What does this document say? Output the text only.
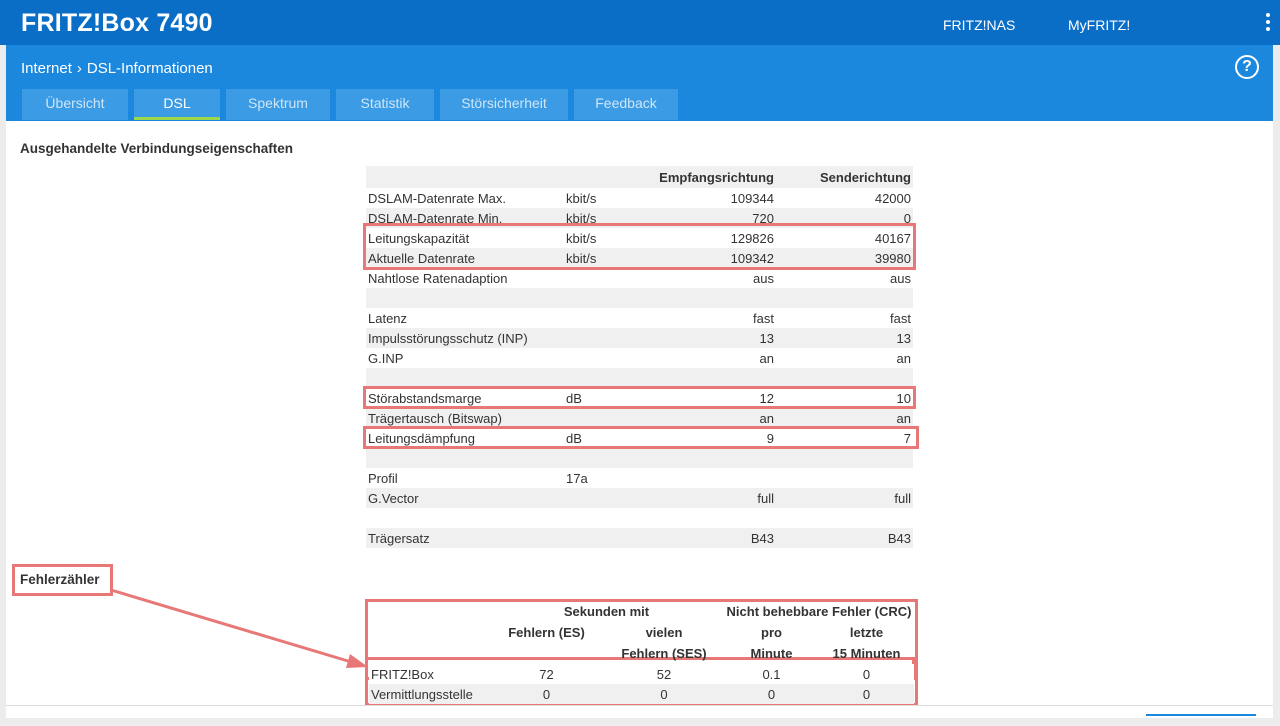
FRITZ!Box 7490	FRITZ!NAS	MyFRITZ!
Internet › DSL-Informationen	?
Übersicht	DSL	Spektrum	Statistik	Störsicherheit	Feedback
Ausgehandelte Verbindungseigenschaften
		Empfangsrichtung	Senderichtung
DSLAM-Datenrate Max.	kbit/s	109344	42000
DSLAM-Datenrate Min.	kbit/s	720	0
Leitungskapazität	kbit/s	129826	40167
Aktuelle Datenrate	kbit/s	109342	39980
Nahtlose Ratenadaption		aus	aus

Latenz		fast	fast
Impulsstörungsschutz (INP)		13	13
G.INP		an	an

Störabstandsmarge	dB	12	10
Trägertausch (Bitswap)		an	an
Leitungsdämpfung	dB	9	7

Profil	17a		
G.Vector		full	full

Trägersatz		B43	B43
Fehlerzähler
	Sekunden mit		Nicht behebbare Fehler (CRC)	
	Fehlern (ES)	vielen	pro	letzte
		Fehlern (SES)	Minute	15 Minuten
FRITZ!Box	72	52	0.1	0
Vermittlungsstelle	0	0	0	0
